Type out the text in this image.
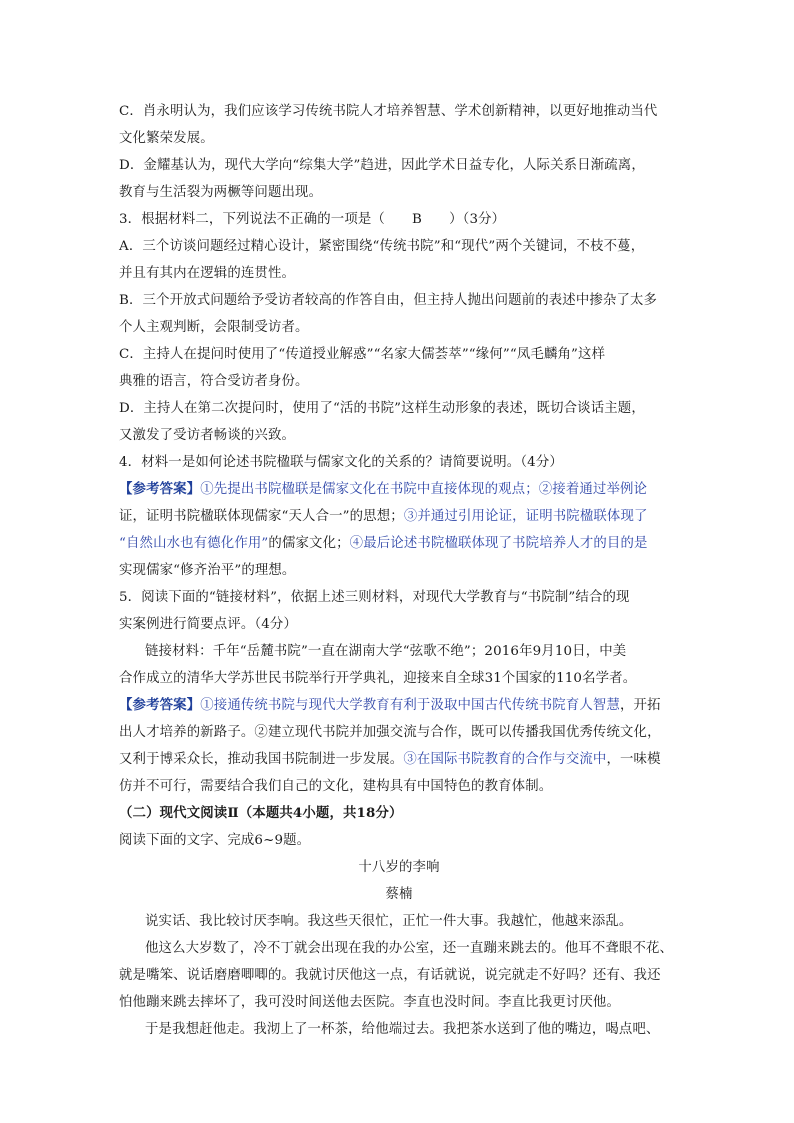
C．肖永明认为，我们应该学习传统书院人才培养智慧、学术创新精神，以更好地推动当代
文化繁荣发展。
D．金耀基认为，现代大学向“综集大学”趋进，因此学术日益专化，人际关系日渐疏离，
教育与生活裂为两橛等问题出现。
3．根据材料二，下列说法不正确的一项是（　　B　　）（3分）
A．三个访谈问题经过精心设计，紧密围绕“传统书院”和“现代”两个关键词，不枝不蔓，
并且有其内在逻辑的连贯性。
B．三个开放式问题给予受访者较高的作答自由，但主持人抛出问题前的表述中掺杂了太多
个人主观判断，会限制受访者。
C．主持人在提问时使用了“传道授业解惑”“名家大儒荟萃”“缘何”“凤毛麟角”这样
典雅的语言，符合受访者身份。
D．主持人在第二次提问时，使用了“活的书院”这样生动形象的表述，既切合谈话主题，
又激发了受访者畅谈的兴致。
4．材料一是如何论述书院楹联与儒家文化的关系的？请简要说明。（4分）
【参考答案】①先提出书院楹联是儒家文化在书院中直接体现的观点；②接着通过举例论
证，证明书院楹联体现儒家“天人合一”的思想；③并通过引用论证，证明书院楹联体现了
“自然山水也有德化作用”的儒家文化；④最后论述书院楹联体现了书院培养人才的目的是
实现儒家“修齐治平”的理想。
5．阅读下面的“链接材料”，依据上述三则材料，对现代大学教育与“书院制”结合的现
实案例进行简要点评。（4分）
链接材料：千年“岳麓书院”一直在湖南大学“弦歌不绝”；2016年9月10日，中美
合作成立的清华大学苏世民书院举行开学典礼，迎接来自全球31个国家的110名学者。
【参考答案】①接通传统书院与现代大学教育有利于汲取中国古代传统书院育人智慧，开拓
出人才培养的新路子。②建立现代书院并加强交流与合作，既可以传播我国优秀传统文化，
又利于博采众长，推动我国书院制进一步发展。③在国际书院教育的合作与交流中，一味模
仿并不可行，需要结合我们自己的文化，建构具有中国特色的教育体制。
（二）现代文阅读Ⅱ（本题共4小题，共18分）
阅读下面的文字、完成6~9题。
十八岁的李响
蔡楠
说实话、我比较讨厌李响。我这些天很忙，正忙一件大事。我越忙，他越来添乱。
他这么大岁数了，冷不丁就会出现在我的办公室，还一直蹦来跳去的。他耳不聋眼不花、
就是嘴笨、说话磨磨唧唧的。我就讨厌他这一点，有话就说，说完就走不好吗？还有、我还
怕他蹦来跳去摔坏了，我可没时间送他去医院。李直也没时间。李直比我更讨厌他。
于是我想赶他走。我沏上了一杯茶，给他端过去。我把茶水送到了他的嘴边，喝点吧、
